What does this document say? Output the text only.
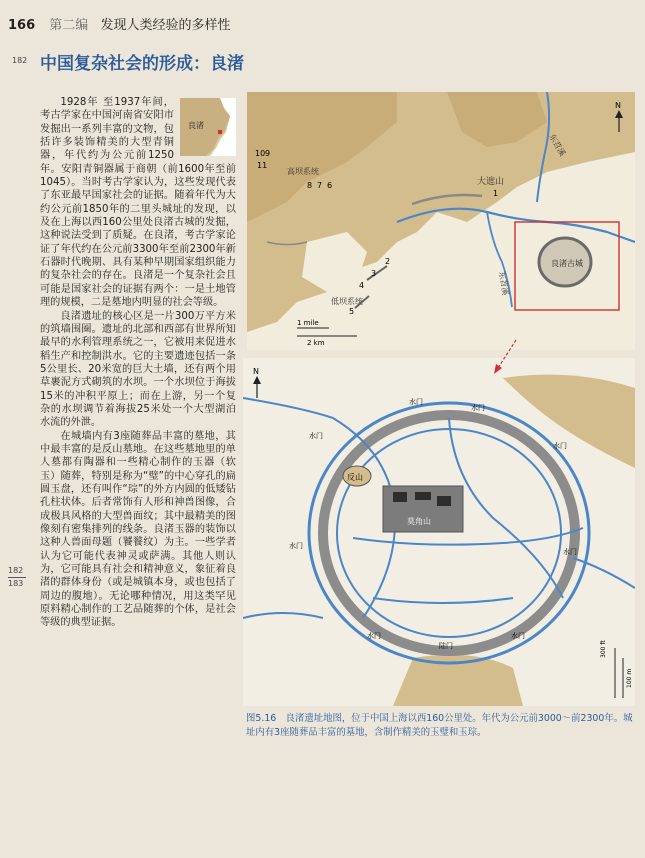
166 第二编 发现人类经验的多样性
182
182
183
中国复杂社会的形成：良渚
良渚

1928年 至1937年间，考古学家在中国河南省安阳市发掘出一系列丰富的文物，包括许多装饰精美的大型青铜器，年代约为公元前1250年。安阳青铜器属于商朝（前1600年至前1045）。当时考古学家认为，这些发现代表了东亚最早国家社会的证据。随着年代为大约公元前1850年的二里头城址的发现，以及在上海以西160公里处良渚古城的发掘，这种说法受到了质疑。在良渚，考古学家论证了年代约在公元前3300年至前2300年新石器时代晚期、具有某种早期国家组织能力的复杂社会的存在。良渚是一个复杂社会且可能是国家社会的证据有两个：一是土地管理的规模，二是墓地内明显的社会等级。

良渚遗址的核心区是一片300万平方米的筑墙围圈。遗址的北部和西部有世界所知最早的水利管理系统之一，它被用来促进水稻生产和控制洪水。它的主要遗迹包括一条5公里长、20米宽的巨大土墙，还有两个用草裹泥方式砌筑的水坝。一个水坝位于海拔15米的冲积平原上；而在上游，另一个复杂的水坝调节着海拔25米处一个大型湖泊水流的外泄。

在城墙内有3座随葬品丰富的墓地，其中最丰富的是反山墓地。在这些墓地里的单人墓都有陶器和一些精心制作的玉器（软玉）随葬，特别是称为“璧”的中心穿孔的扁圆玉盘，还有叫作“琮”的外方内圆的低矮钻孔柱状体。后者常饰有人形和神兽图像，合成极具风格的大型兽面纹；其中最精美的图像刻有密集排列的线条。良渚玉器的装饰以这种人兽面母题（饕餮纹）为主。一些学者认为它可能代表神灵或萨满。其他人则认为，它可能具有社会和精神意义，象征着良渚的群体身份（或是城镇本身，或也包括了周边的腹地）。无论哪种情况，用这类罕见原料精心制作的工艺品随葬的个体，是社会等级的典型证据。

良渚古城
大遮山
高坝系统
低坝系统
东苕溪
东苕溪
10 9
11
8 7 6
1
2
3
4
5
1 mile
2 km
N
莫角山
反山
水门
水门
水门
水门
水门
水门
水门	水门
陆门
N
300 ft
100 m
图5.16　良渚遗址地图，位于中国上海以西160公里处。年代为公元前3000～前2300年。城址内有3座随葬品丰富的墓地，含制作精美的玉璧和玉琮。
